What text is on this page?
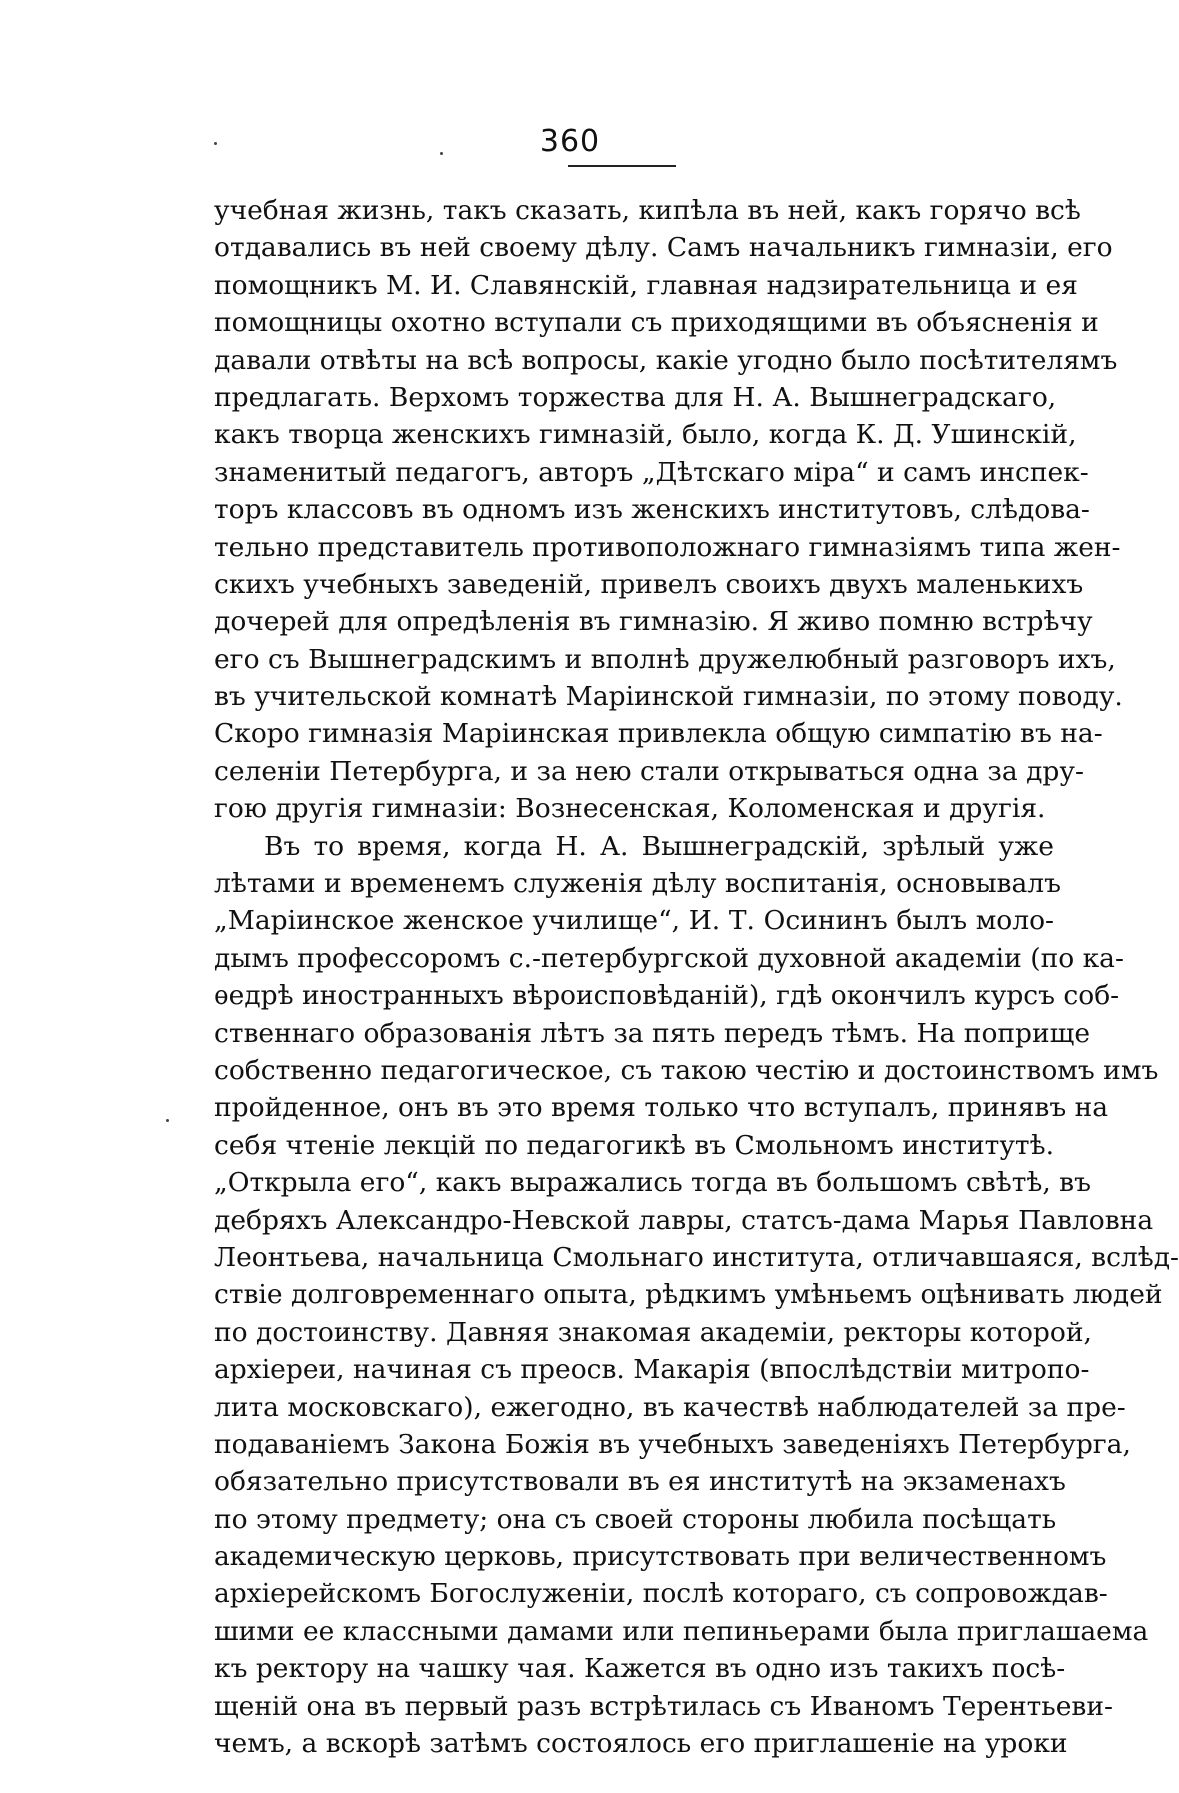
360
учебная жизнь, такъ сказать, кипѣла въ ней, какъ горячо всѣ
отдавались въ ней своему дѣлу. Самъ начальникъ гимназіи, его
помощникъ М. И. Славянскій, главная надзирательница и ея
помощницы охотно вступали съ приходящими въ объясненія и
давали отвѣты на всѣ вопросы, какіе угодно было посѣтителямъ
предлагать. Верхомъ торжества для Н. А. Вышнеградскаго,
какъ творца женскихъ гимназій, было, когда К. Д. Ушинскій,
знаменитый педагогъ, авторъ „Дѣтскаго міра“ и самъ инспек-
торъ классовъ въ одномъ изъ женскихъ институтовъ, слѣдова-
тельно представитель противоположнаго гимназіямъ типа жен-
скихъ учебныхъ заведеній, привелъ своихъ двухъ маленькихъ
дочерей для опредѣленія въ гимназію. Я живо помню встрѣчу
его съ Вышнеградскимъ и вполнѣ дружелюбный разговоръ ихъ,
въ учительской комнатѣ Маріинской гимназіи, по этому поводу.
Скоро гимназія Маріинская привлекла общую симпатію въ на-
селеніи Петербурга, и за нею стали открываться одна за дру-
гою другія гимназіи: Вознесенская, Коломенская и другія.
Въ то время, когда Н. А. Вышнеградскій, зрѣлый уже
лѣтами и временемъ служенія дѣлу воспитанія, основывалъ
„Маріинское женское училище“, И. Т. Осининъ былъ моло-
дымъ профессоромъ с.-петербургской духовной академіи (по ка-
ѳедрѣ иностранныхъ вѣроисповѣданій), гдѣ окончилъ курсъ соб-
ственнаго образованія лѣтъ за пять передъ тѣмъ. На поприще
собственно педагогическое, съ такою честію и достоинствомъ имъ
пройденное, онъ въ это время только что вступалъ, принявъ на
себя чтеніе лекцій по педагогикѣ въ Смольномъ институтѣ.
„Открыла его“, какъ выражались тогда въ большомъ свѣтѣ, въ
дебряхъ Александро-Невской лавры, статсъ-дама Марья Павловна
Леонтьева, начальница Смольнаго института, отличавшаяся, вслѣд-
ствіе долговременнаго опыта, рѣдкимъ умѣньемъ оцѣнивать людей
по достоинству. Давняя знакомая академіи, ректоры которой,
архіереи, начиная съ преосв. Макарія (впослѣдствіи митропо-
лита московскаго), ежегодно, въ качествѣ наблюдателей за пре-
подаваніемъ Закона Божія въ учебныхъ заведеніяхъ Петербурга,
обязательно присутствовали въ ея институтѣ на экзаменахъ
по этому предмету; она съ своей стороны любила посѣщать
академическую церковь, присутствовать при величественномъ
архіерейскомъ Богослуженіи, послѣ котораго, съ сопровождав-
шими ее классными дамами или пепиньерами была приглашаема
къ ректору на чашку чая. Кажется въ одно изъ такихъ посѣ-
щеній она въ первый разъ встрѣтилась съ Иваномъ Терентьеви-
чемъ, а вскорѣ затѣмъ состоялось его приглашеніе на уроки
